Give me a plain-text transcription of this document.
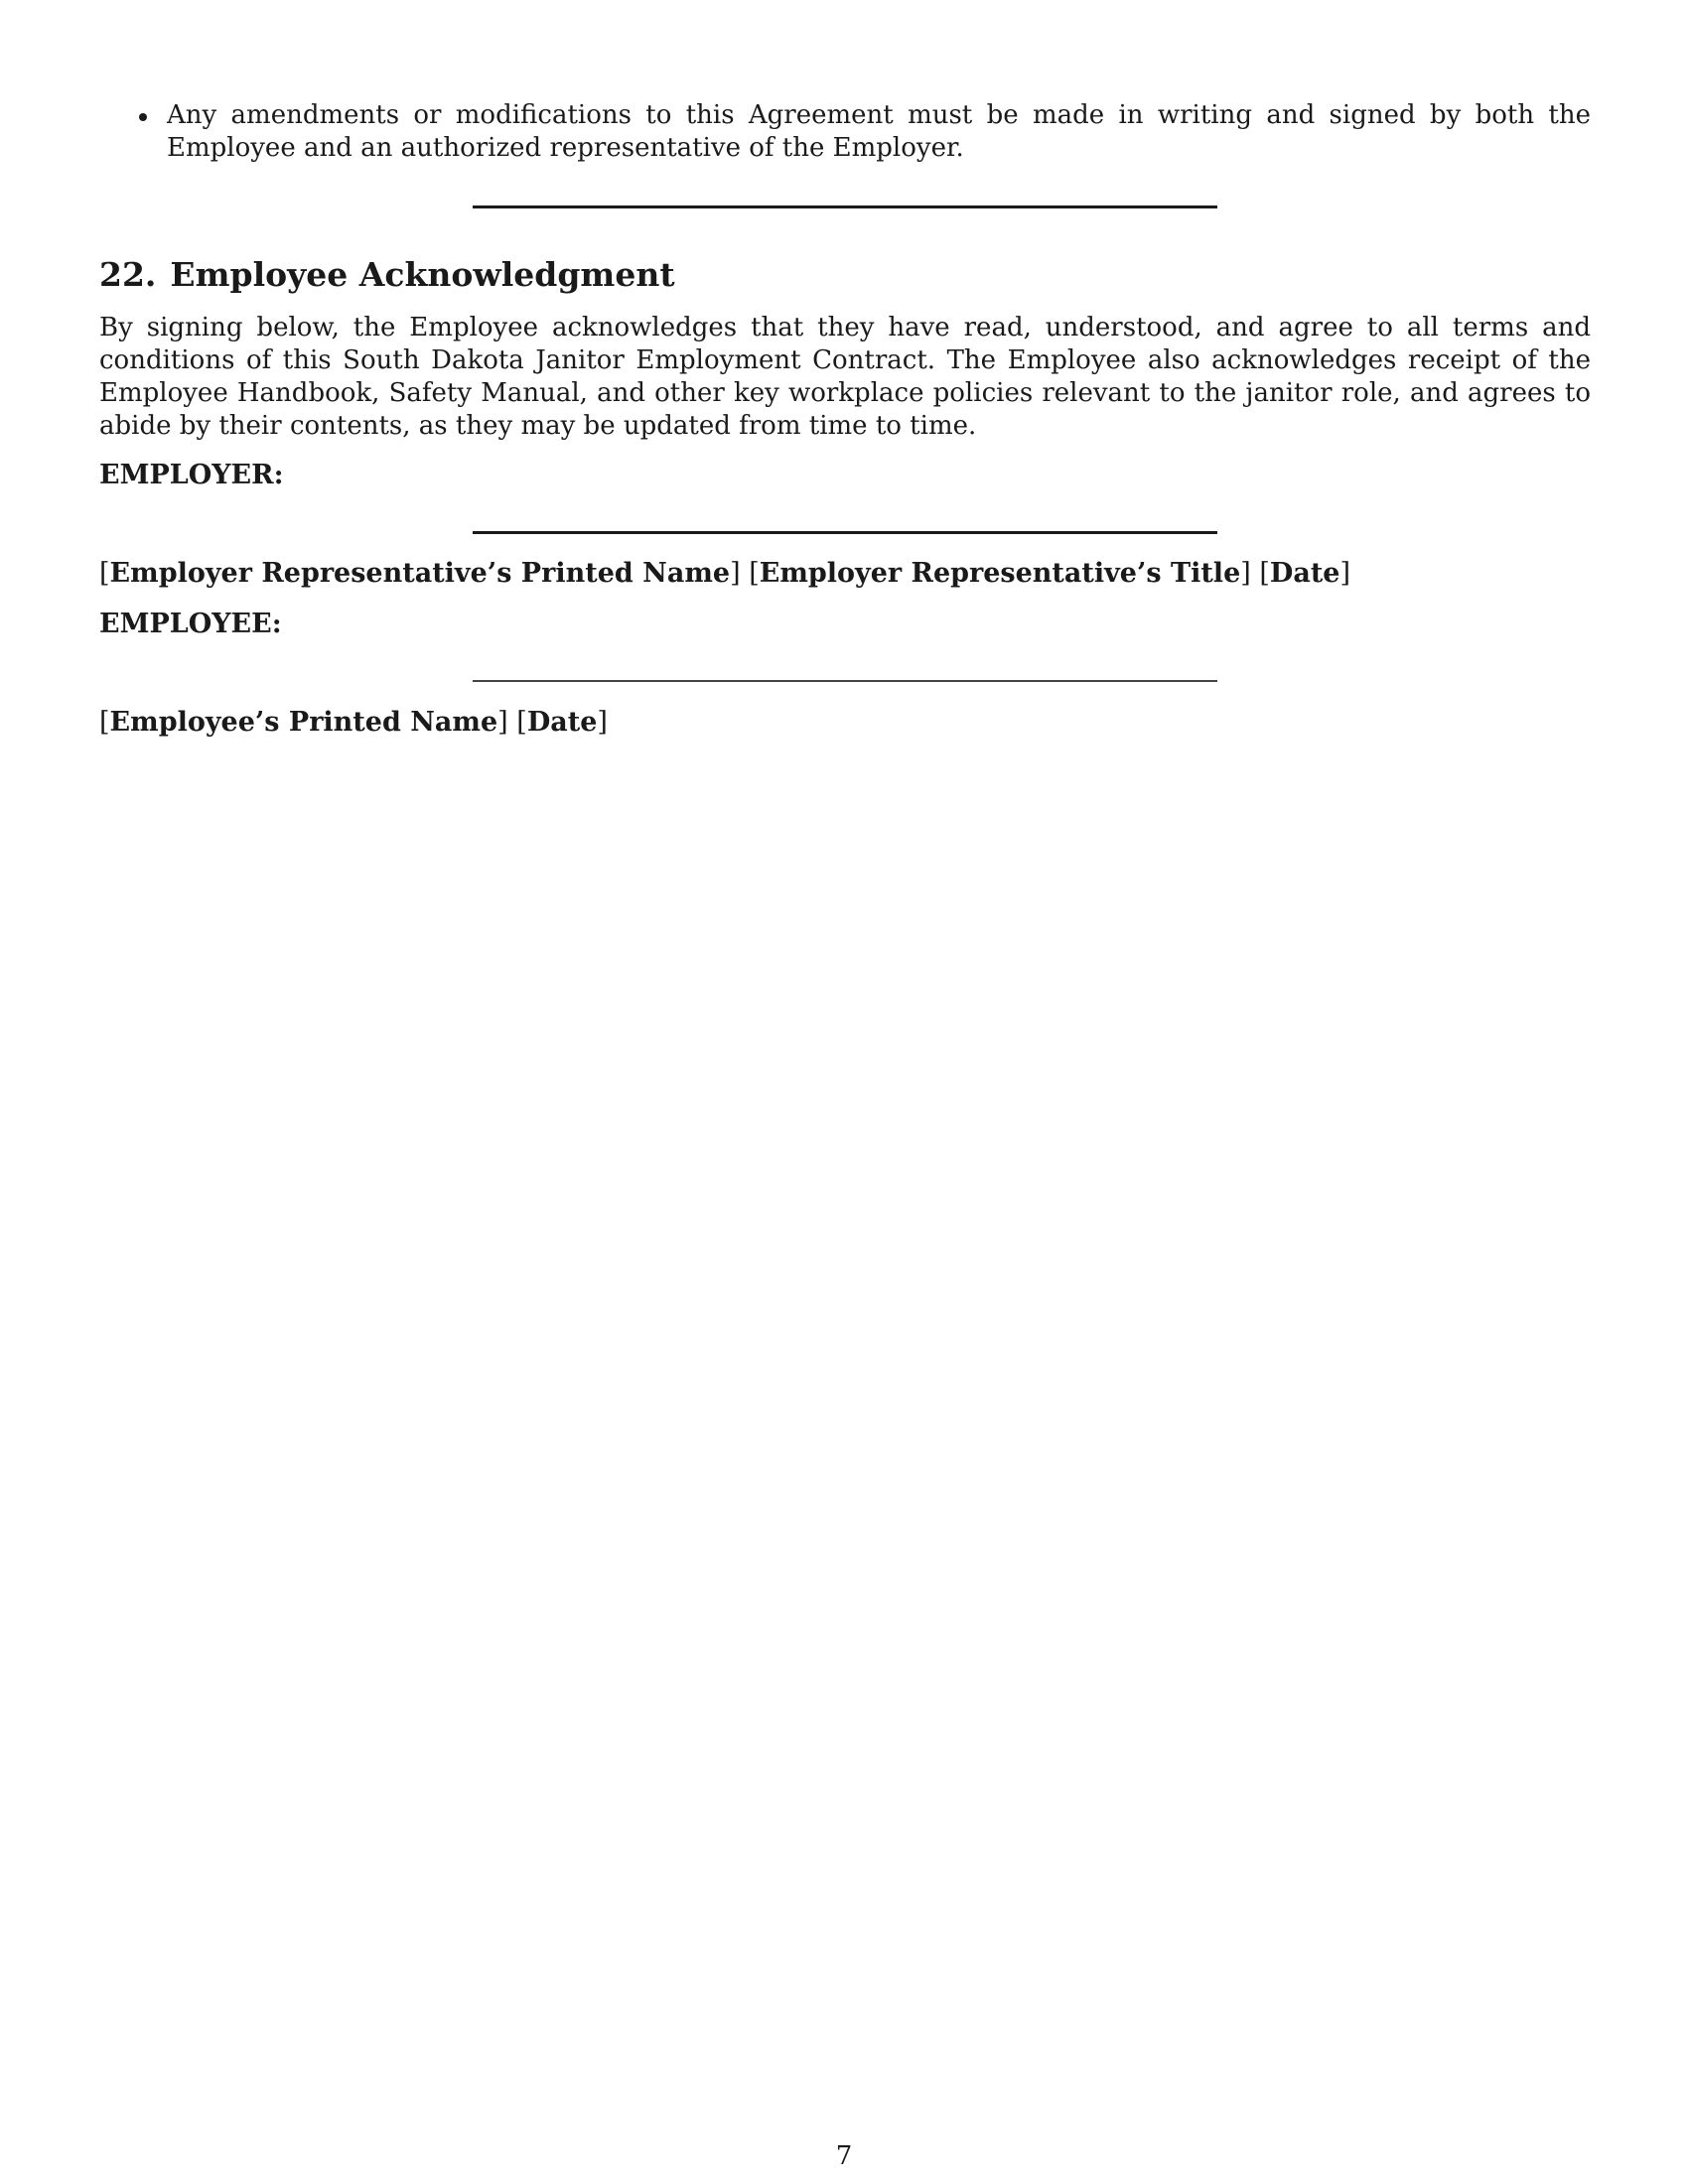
Any amendments or modifications to this Agreement must be made in writing and signed by both the Employee and an authorized representative of the Employer.
22. Employee Acknowledgment

By signing below, the Employee acknowledges that they have read, understood, and agree to all terms and conditions of this South Dakota Janitor Employment Contract. The Employee also acknowledges receipt of the Employee Handbook, Safety Manual, and other key workplace policies relevant to the janitor role, and agrees to abide by their contents, as they may be updated from time to time.

EMPLOYER:

[Employer Representative’s Printed Name] [Employer Representative’s Title] [Date]

EMPLOYEE:

[Employee’s Printed Name] [Date]

7
